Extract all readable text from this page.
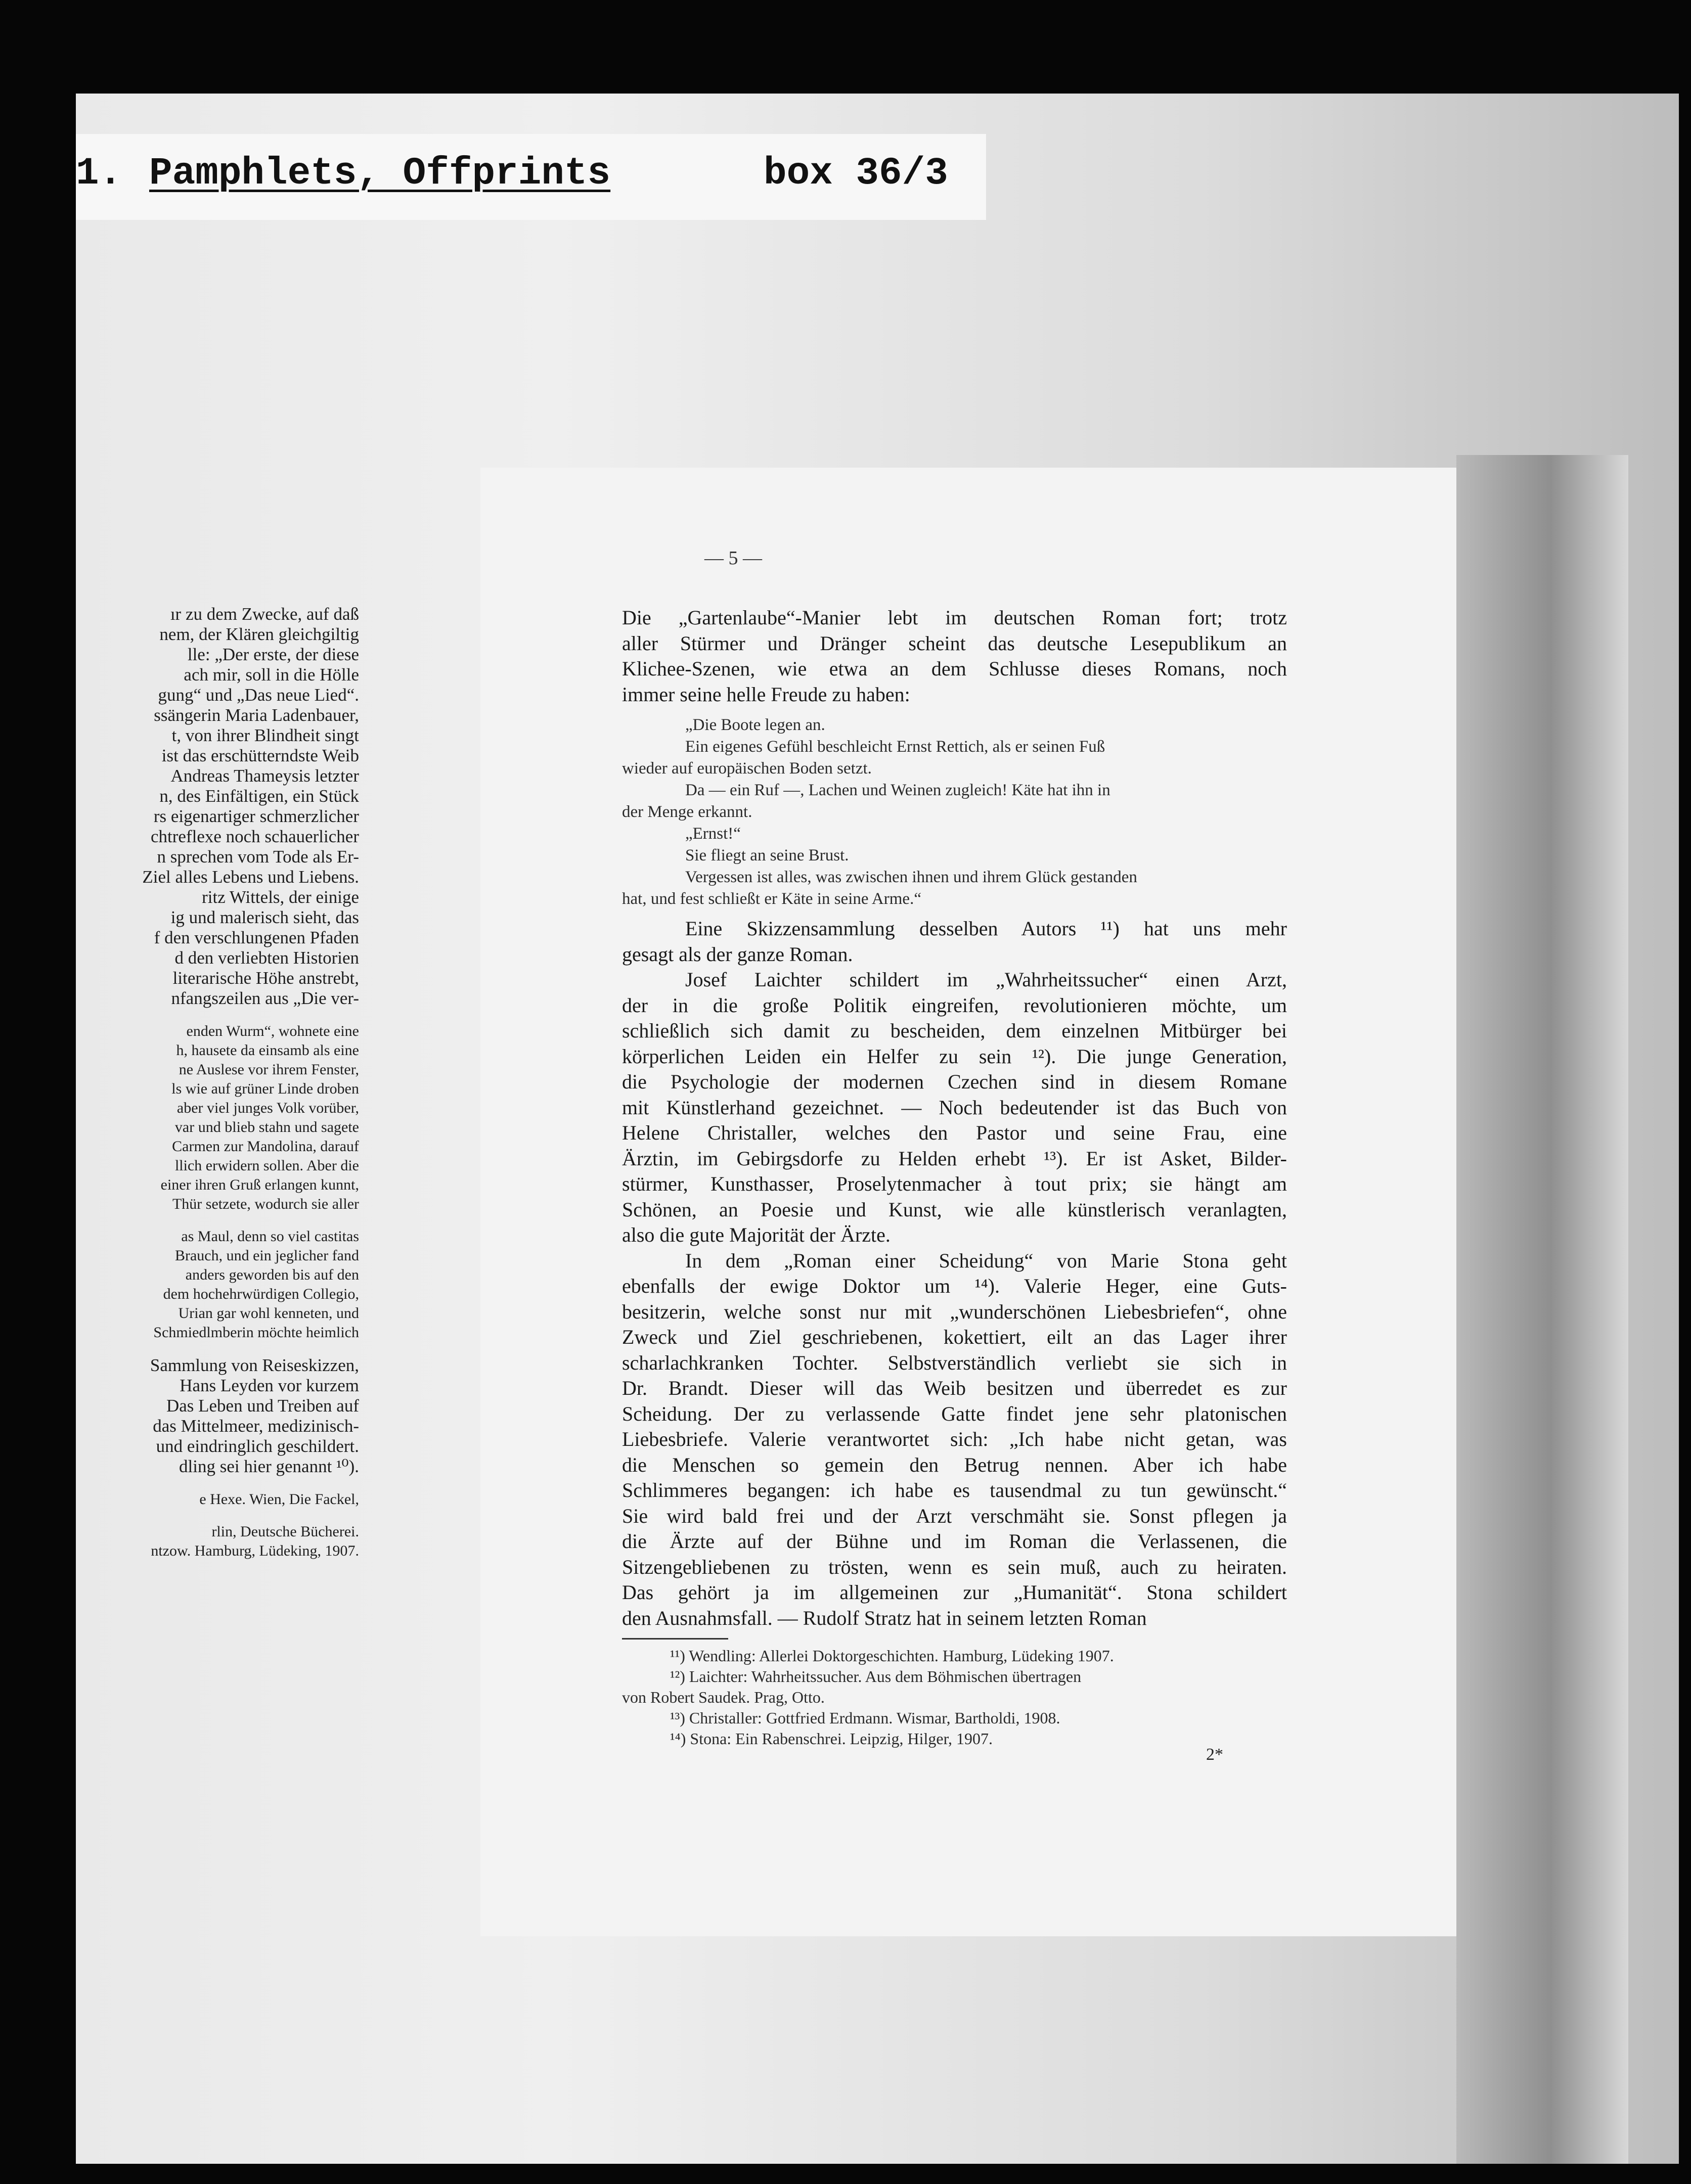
1. Pamphlets, Offprints	box 36/3
ır zu dem Zwecke, auf daß
nem, der Klären gleichgiltig
lle: „Der erste, der diese
ach mir, soll in die Hölle
gung“ und „Das neue Lied“.
ssängerin Maria Ladenbauer,
t, von ihrer Blindheit singt
ist das erschütterndste Weib
Andreas Thameysis letzter
n, des Einfältigen, ein Stück
rs eigenartiger schmerzlicher
chtreflexe noch schauerlicher
n sprechen vom Tode als Er-
Ziel alles Lebens und Liebens.
ritz Wittels, der einige
ig und malerisch sieht, das
f den verschlungenen Pfaden
d den verliebten Historien
literarische Höhe anstrebt,
nfangszeilen aus „Die ver-
enden Wurm“, wohnete eine
h, hausete da einsamb als eine
ne Auslese vor ihrem Fenster,
ls wie auf grüner Linde droben
aber viel junges Volk vorüber,
var und blieb stahn und sagete
Carmen zur Mandolina, darauf
llich erwidern sollen. Aber die
einer ihren Gruß erlangen kunnt,
Thür setzete, wodurch sie aller
as Maul, denn so viel castitas
Brauch, und ein jeglicher fand
anders geworden bis auf den
dem hochehrwürdigen Collegio,
Urian gar wohl kenneten, und
Schmiedlmberin möchte heimlich
Sammlung von Reiseskizzen,
Hans Leyden vor kurzem
Das Leben und Treiben auf
das Mittelmeer, medizinisch-
und eindringlich geschildert.
dling sei hier genannt ¹⁰).
e Hexe. Wien, Die Fackel,
rlin, Deutsche Bücherei.
ntzow. Hamburg, Lüdeking, 1907.
— 5 —
Die „Gartenlaube“-Manier lebt im deutschen Roman fort; trotz
aller Stürmer und Dränger scheint das deutsche Lesepublikum an
Klichee-Szenen, wie etwa an dem Schlusse dieses Romans, noch
immer seine helle Freude zu haben:
„Die Boote legen an.
Ein eigenes Gefühl beschleicht Ernst Rettich, als er seinen Fuß
wieder auf europäischen Boden setzt.
Da — ein Ruf —, Lachen und Weinen zugleich! Käte hat ihn in
der Menge erkannt.
„Ernst!“
Sie fliegt an seine Brust.
Vergessen ist alles, was zwischen ihnen und ihrem Glück gestanden
hat, und fest schließt er Käte in seine Arme.“
Eine Skizzensammlung desselben Autors ¹¹) hat uns mehr
gesagt als der ganze Roman.
Josef Laichter schildert im „Wahrheitssucher“ einen Arzt,
der in die große Politik eingreifen, revolutionieren möchte, um
schließlich sich damit zu bescheiden, dem einzelnen Mitbürger bei
körperlichen Leiden ein Helfer zu sein ¹²). Die junge Generation,
die Psychologie der modernen Czechen sind in diesem Romane
mit Künstlerhand gezeichnet. — Noch bedeutender ist das Buch von
Helene Christaller, welches den Pastor und seine Frau, eine
Ärztin, im Gebirgsdorfe zu Helden erhebt ¹³). Er ist Asket, Bilder-
stürmer, Kunsthasser, Proselytenmacher à tout prix; sie hängt am
Schönen, an Poesie und Kunst, wie alle künstlerisch veranlagten,
also die gute Majorität der Ärzte.
In dem „Roman einer Scheidung“ von Marie Stona geht
ebenfalls der ewige Doktor um ¹⁴). Valerie Heger, eine Guts-
besitzerin, welche sonst nur mit „wunderschönen Liebesbriefen“, ohne
Zweck und Ziel geschriebenen, kokettiert, eilt an das Lager ihrer
scharlachkranken Tochter. Selbstverständlich verliebt sie sich in
Dr. Brandt. Dieser will das Weib besitzen und überredet es zur
Scheidung. Der zu verlassende Gatte findet jene sehr platonischen
Liebesbriefe. Valerie verantwortet sich: „Ich habe nicht getan, was
die Menschen so gemein den Betrug nennen. Aber ich habe
Schlimmeres begangen: ich habe es tausendmal zu tun gewünscht.“
Sie wird bald frei und der Arzt verschmäht sie. Sonst pflegen ja
die Ärzte auf der Bühne und im Roman die Verlassenen, die
Sitzengebliebenen zu trösten, wenn es sein muß, auch zu heiraten.
Das gehört ja im allgemeinen zur „Humanität“. Stona schildert
den Ausnahmsfall. — Rudolf Stratz hat in seinem letzten Roman
¹¹) Wendling: Allerlei Doktorgeschichten. Hamburg, Lüdeking 1907.
¹²) Laichter: Wahrheitssucher. Aus dem Böhmischen übertragen
von Robert Saudek. Prag, Otto.
¹³) Christaller: Gottfried Erdmann. Wismar, Bartholdi, 1908.
¹⁴) Stona: Ein Rabenschrei. Leipzig, Hilger, 1907.
2*
